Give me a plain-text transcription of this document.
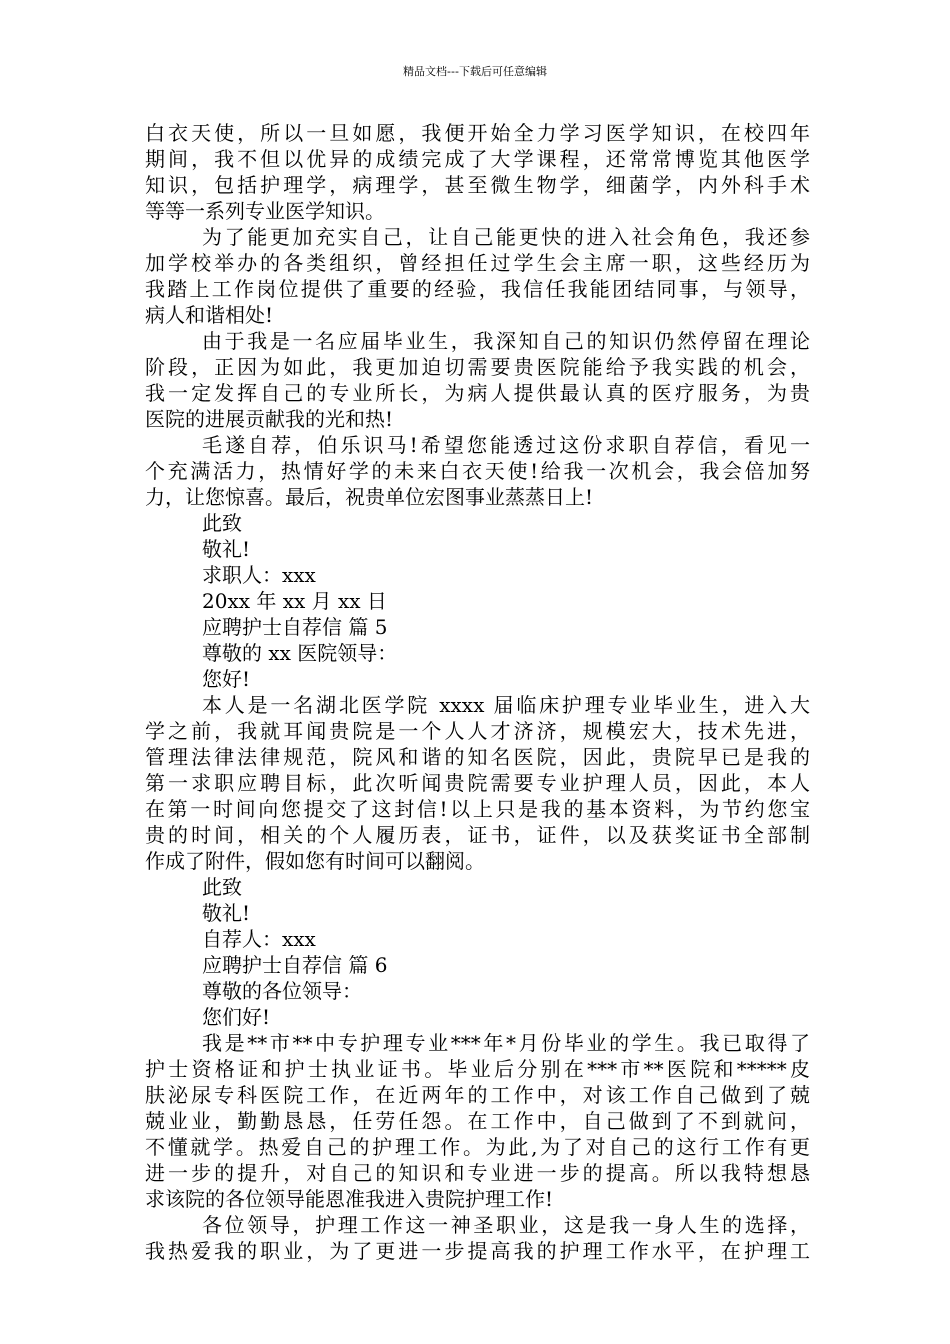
精品文档---下载后可任意编辑
白衣天使，所以一旦如愿，我便开始全力学习医学知识，在校四年
期间，我不但以优异的成绩完成了大学课程，还常常博览其他医学
知识，包括护理学，病理学，甚至微生物学，细菌学，内外科手术
等等一系列专业医学知识。
为了能更加充实自己，让自己能更快的进入社会角色，我还参
加学校举办的各类组织，曾经担任过学生会主席一职，这些经历为
我踏上工作岗位提供了重要的经验，我信任我能团结同事，与领导，
病人和谐相处!
由于我是一名应届毕业生，我深知自己的知识仍然停留在理论
阶段，正因为如此，我更加迫切需要贵医院能给予我实践的机会，
我一定发挥自己的专业所长，为病人提供最认真的医疗服务，为贵
医院的进展贡献我的光和热!
毛遂自荐，伯乐识马!希望您能透过这份求职自荐信，看见一
个充满活力，热情好学的未来白衣天使!给我一次机会，我会倍加努
力，让您惊喜。最后，祝贵单位宏图事业蒸蒸日上!
此致
敬礼!
求职人：xxx
20xx 年 xx 月 xx 日
应聘护士自荐信 篇 5
尊敬的 xx 医院领导：
您好!
本人是一名湖北医学院 xxxx 届临床护理专业毕业生，进入大
学之前，我就耳闻贵院是一个人人才济济，规模宏大，技术先进，
管理法律法律规范，院风和谐的知名医院，因此，贵院早已是我的
第一求职应聘目标，此次听闻贵院需要专业护理人员，因此，本人
在第一时间向您提交了这封信!以上只是我的基本资料，为节约您宝
贵的时间，相关的个人履历表，证书，证件，以及获奖证书全部制
作成了附件，假如您有时间可以翻阅。
此致
敬礼!
自荐人：xxx
应聘护士自荐信 篇 6
尊敬的各位领导：
您们好!
我是**市**中专护理专业***年*月份毕业的学生。我已取得了
护士资格证和护士执业证书。毕业后分别在***市**医院和*****皮
肤泌尿专科医院工作，在近两年的工作中，对该工作自己做到了兢
兢业业，勤勤恳恳，任劳任怨。在工作中，自己做到了不到就问，
不懂就学。热爱自己的护理工作。为此,为了对自己的这行工作有更
进一步的提升，对自己的知识和专业进一步的提高。所以我特想恳
求该院的各位领导能恩准我进入贵院护理工作!
各位领导，护理工作这一神圣职业，这是我一身人生的选择，
我热爱我的职业，为了更进一步提高我的护理工作水平，在护理工
